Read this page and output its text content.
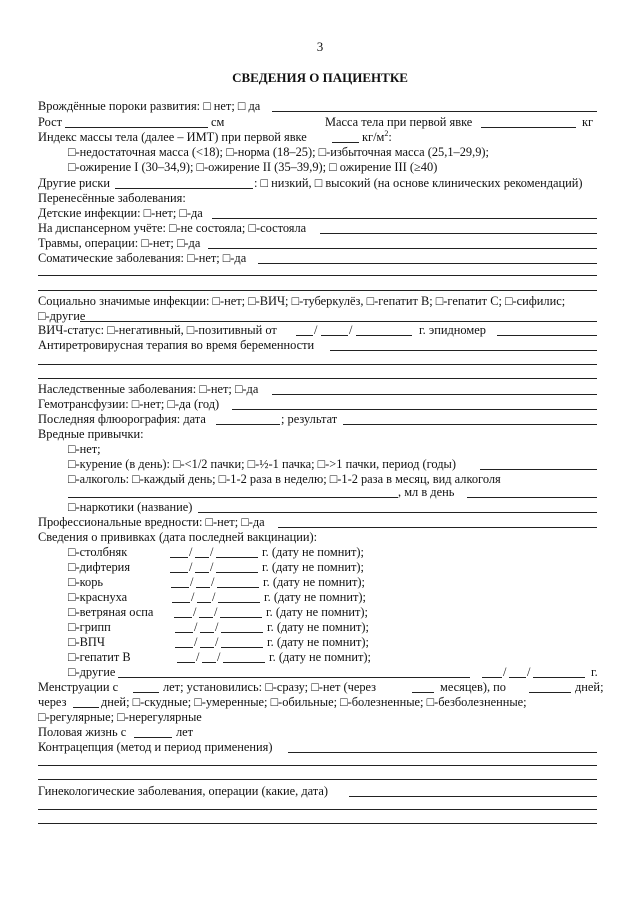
3
СВЕДЕНИЯ О ПАЦИЕНТКЕ
Врождённые пороки развития: □ нет; □ да
Рост	см	Масса тела при первой явке	кг
Индекс массы тела (далее – ИМТ) при первой явке	$кг/м^2$:
□-недостаточная масса (<18); □-норма (18–25); □-избыточная масса (25,1–29,9);
□-ожирение I (30–34,9); □-ожирение II (35–39,9); □ ожирение III (≥40)
Другие риски	: □ низкий, □ высокий (на основе клинических рекомендаций)
Перенесённые заболевания:
Детские инфекции: □-нет; □-да
На диспансерном учёте: □-не состояла; □-состояла
Травмы, операции: □-нет; □-да
Соматические заболевания: □-нет; □-да
Социально значимые инфекции: □-нет; □-ВИЧ; □-туберкулёз, □-гепатит В; □-гепатит С; □-сифилис;
□-другие
ВИЧ-статус: □-негативный, □-позитивный от	/	/	г. эпидномер
Антиретровирусная терапия во время беременности
Наследственные заболевания: □-нет; □-да
Гемотрансфузии: □-нет; □-да (год)
Последняя флюорография: дата	; результат
Вредные привычки:
□-нет;
□-курение (в день): □-<1/2 пачки; □-½-1 пачка; □->1 пачки, период (годы)
□-алкоголь: □-каждый день; □-1-2 раза в неделю; □-1-2 раза в месяц, вид алкоголя
, мл в день
□-наркотики (название)
Профессиональные вредности: □-нет; □-да
Сведения о прививках (дата последней вакцинации):
□-столбняк	/ /	г. (дату не помнит);
□-дифтерия	/ /	г. (дату не помнит);
□-корь	/ /	г. (дату не помнит);
□-краснуха	/ /	г. (дату не помнит);
□-ветряная оспа	/ /	г. (дату не помнит);
□-грипп	/ /	г. (дату не помнит);
□-ВПЧ	/ /	г. (дату не помнит);
□-гепатит В	/ /	г. (дату не помнит);
□-другие	/ /	г.
Менструации с	лет; установились: □-сразу; □-нет (через	месяцев), по	дней;
через	дней; □-скудные; □-умеренные; □-обильные; □-болезненные; □-безболезненные;
□-регулярные; □-нерегулярные
Половая жизнь с	лет
Контрацепция (метод и период применения)
Гинекологические заболевания, операции (какие, дата)
